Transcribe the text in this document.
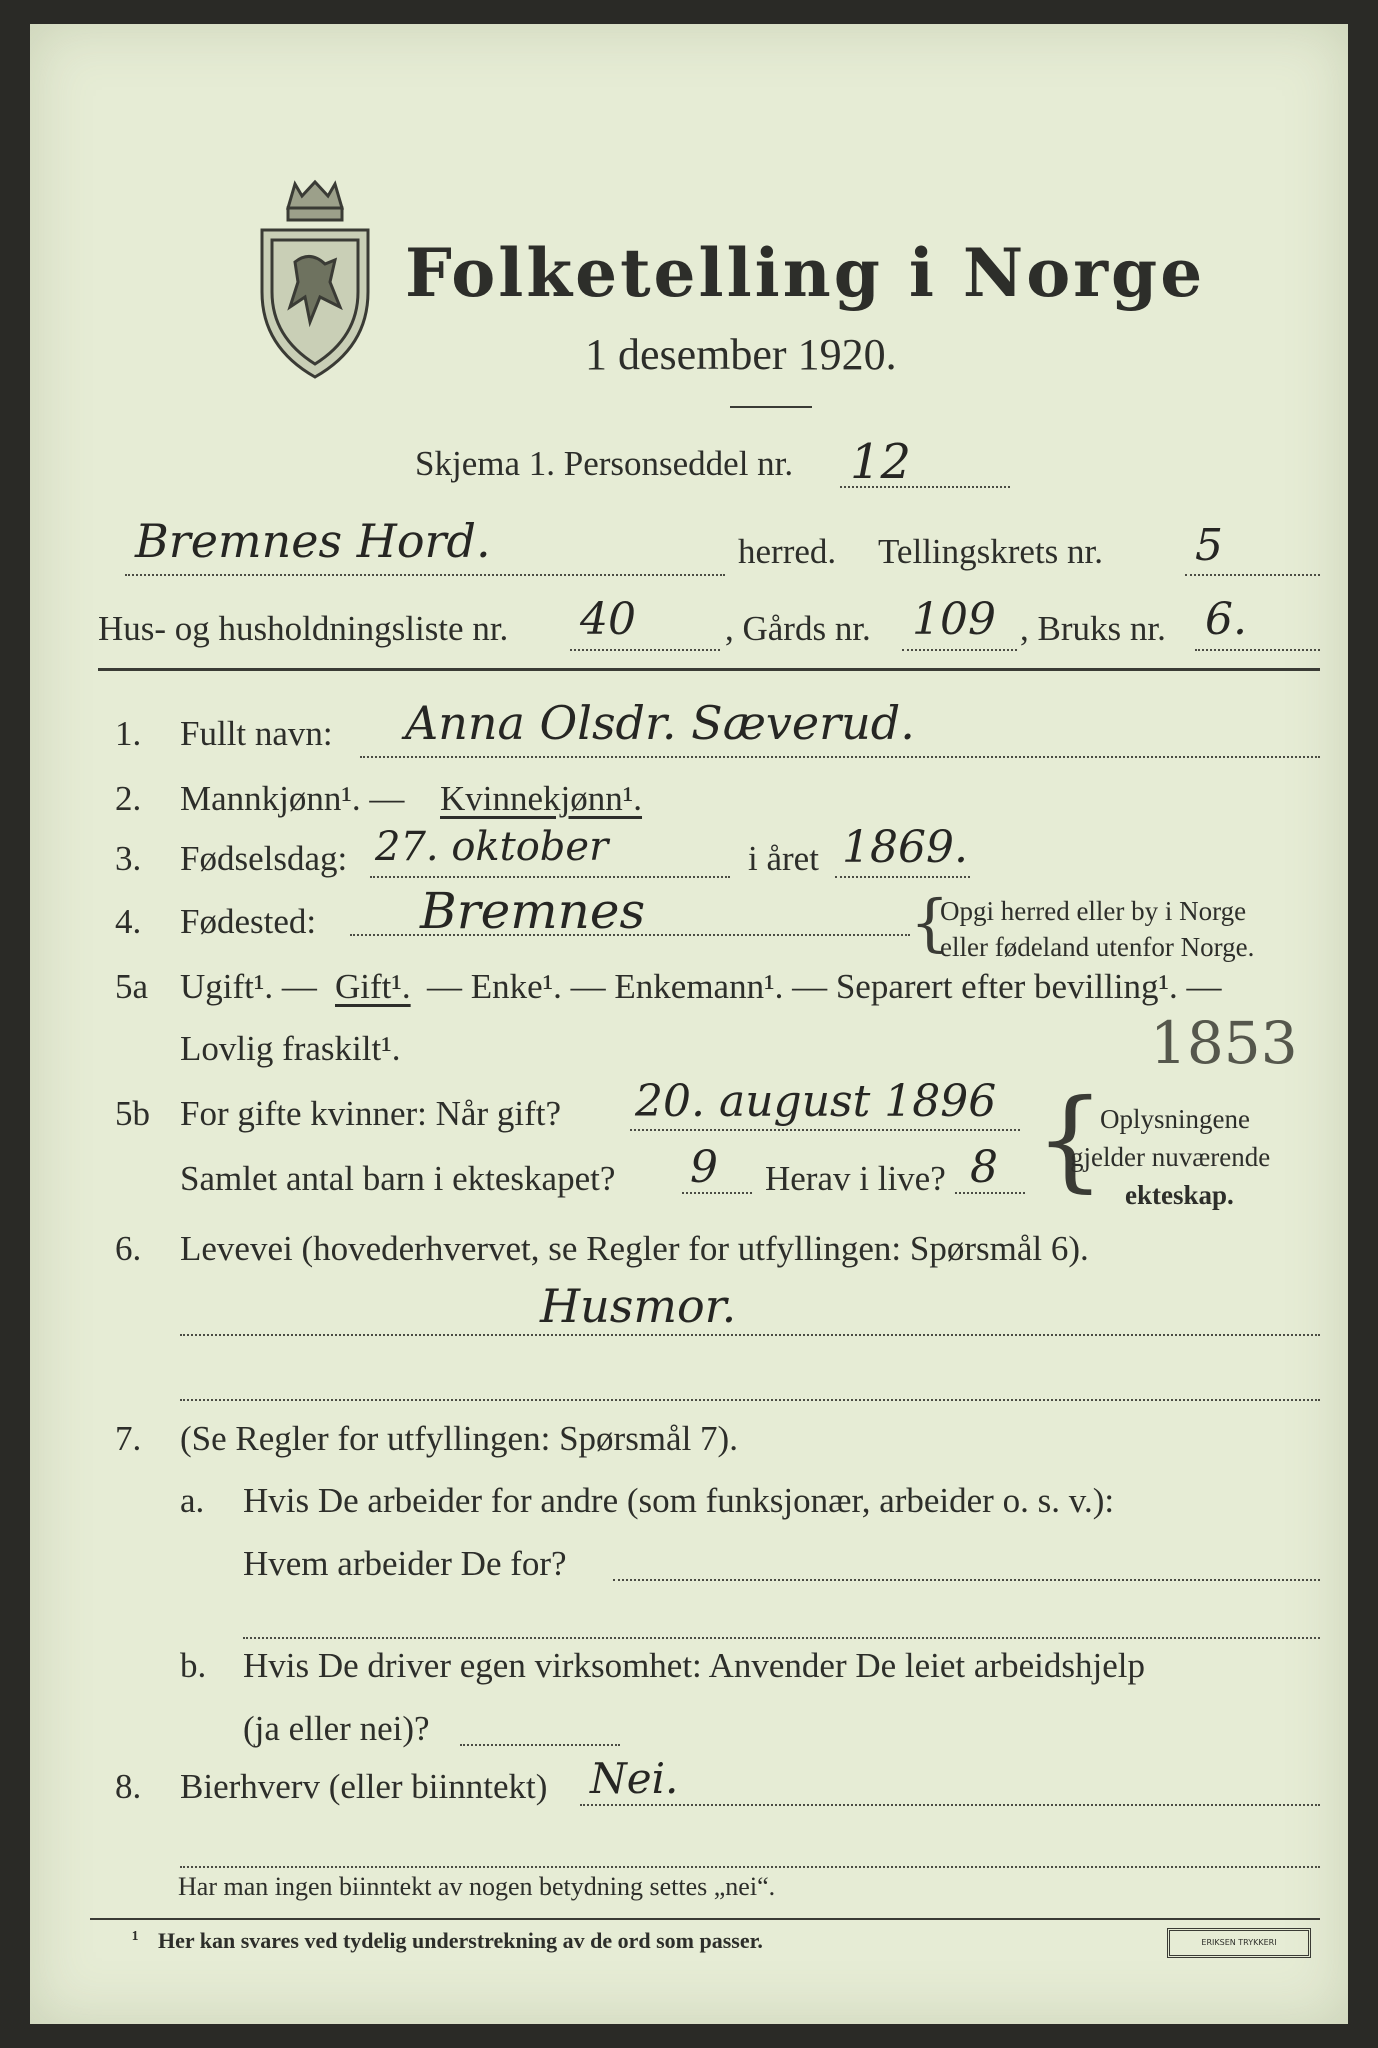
Folketelling i Norge
1 desember 1920.
Skjema 1. Personseddel nr. 12
Bremnes Hord.	herred. Tellingskrets nr. 5
Hus- og husholdningsliste nr. 40	, Gårds nr. 109 , Bruks nr. 6.
1. Fullt navn: Anna Olsdr. Sæverud.
2. Mannkjønn¹. — Kvinnekjønn¹.
3. Fødselsdag: 27. oktober	i året 1869.
4. Fødested: Bremnes	{
Opgi herred eller by i Norge
eller fødeland utenfor Norge.
5a Ugift¹. — Gift¹. — Enke¹. — Enkemann¹. — Separert efter bevilling¹. —
Lovlig fraskilt¹.	1853
5b For gifte kvinner: Når gift? 20. august 1896
Samlet antal barn i ekteskapet? 9 Herav i live? 8 {
Oplysningene
gjelder nuværende
ekteskap.
6. Levevei (hovederhvervet, se Regler for utfyllingen: Spørsmål 6).
Husmor.
7. (Se Regler for utfyllingen: Spørsmål 7).
a. Hvis De arbeider for andre (som funksjonær, arbeider o. s. v.):
Hvem arbeider De for?
b. Hvis De driver egen virksomhet: Anvender De leiet arbeidshjelp
(ja eller nei)?
8. Bierhverv (eller biinntekt) Nei.
Har man ingen biinntekt av nogen betydning settes „nei“.
¹ Her kan svares ved tydelig understrekning av de ord som passer.	ERIKSEN TRYKKERI
